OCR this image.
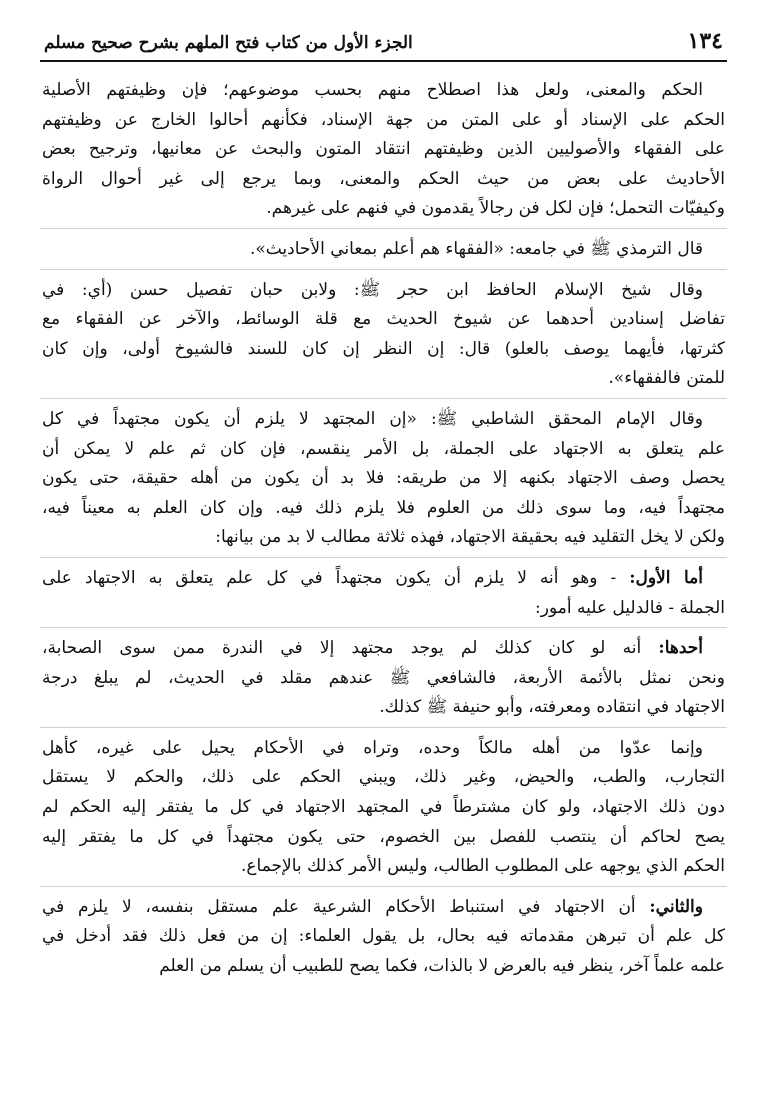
١٣٤
الجزء الأول من كتاب فتح الملهم بشرح صحيح مسلم
الحكم والمعنى، ولعل هذا اصطلاح منهم بحسب موضوعهم؛ فإن وظيفتهم الأصلية
الحكم على الإسناد أو على المتن من جهة الإسناد، فكأنهم أحالوا الخارج عن وظيفتهم
على الفقهاء والأصوليين الذين وظيفتهم انتقاد المتون والبحث عن معانيها، وترجيح بعض
الأحاديث على بعض من حيث الحكم والمعنى، وبما يرجع إلى غير أحوال الرواة
وكيفيّات التحمل؛ فإن لكل فن رجالاً يقدمون في فنهم على غيرهم.
قال الترمذي ﷺ في جامعه: «الفقهاء هم أعلم بمعاني الأحاديث».
وقال شيخ الإسلام الحافظ ابن حجر ﷺ: ولابن حبان تفصيل حسن (أي: في
تفاضل إسنادين أحدهما عن شيوخ الحديث مع قلة الوسائط، والآخر عن الفقهاء مع
كثرتها، فأيهما يوصف بالعلو) قال: إن النظر إن كان للسند فالشيوخ أولى، وإن كان
للمتن فالفقهاء».
وقال الإمام المحقق الشاطبي ﷺ: «إن المجتهد لا يلزم أن يكون مجتهداً في كل
علم يتعلق به الاجتهاد على الجملة، بل الأمر ينقسم، فإن كان ثم علم لا يمكن أن
يحصل وصف الاجتهاد بكنهه إلا من طريقه: فلا بد أن يكون من أهله حقيقة، حتى يكون
مجتهداً فيه، وما سوى ذلك من العلوم فلا يلزم ذلك فيه. وإن كان العلم به معيناً فيه،
ولكن لا يخل التقليد فيه بحقيقة الاجتهاد، فهذه ثلاثة مطالب لا بد من بيانها:
أما الأول: - وهو أنه لا يلزم أن يكون مجتهداً في كل علم يتعلق به الاجتهاد على
الجملة - فالدليل عليه أمور:
أحدها: أنه لو كان كذلك لم يوجد مجتهد إلا في الندرة ممن سوى الصحابة،
ونحن نمثل بالأئمة الأربعة، فالشافعي ﷺ عندهم مقلد في الحديث، لم يبلغ درجة
الاجتهاد في انتقاده ومعرفته، وأبو حنيفة ﷺ كذلك.
وإنما عدّوا من أهله مالكاً وحده، وتراه في الأحكام يحيل على غيره، كأهل
التجارب، والطب، والحيض، وغير ذلك، ويبني الحكم على ذلك، والحكم لا يستقل
دون ذلك الاجتهاد، ولو كان مشترطاً في المجتهد الاجتهاد في كل ما يفتقر إليه الحكم لم
يصح لحاكم أن ينتصب للفصل بين الخصوم، حتى يكون مجتهداً في كل ما يفتقر إليه
الحكم الذي يوجهه على المطلوب الطالب، وليس الأمر كذلك بالإجماع.
والثاني: أن الاجتهاد في استنباط الأحكام الشرعية علم مستقل بنفسه، لا يلزم في
كل علم أن تبرهن مقدماته فيه بحال، بل يقول العلماء: إن من فعل ذلك فقد أدخل في
علمه علماً آخر، ينظر فيه بالعرض لا بالذات، فكما يصح للطبيب أن يسلم من العلم
